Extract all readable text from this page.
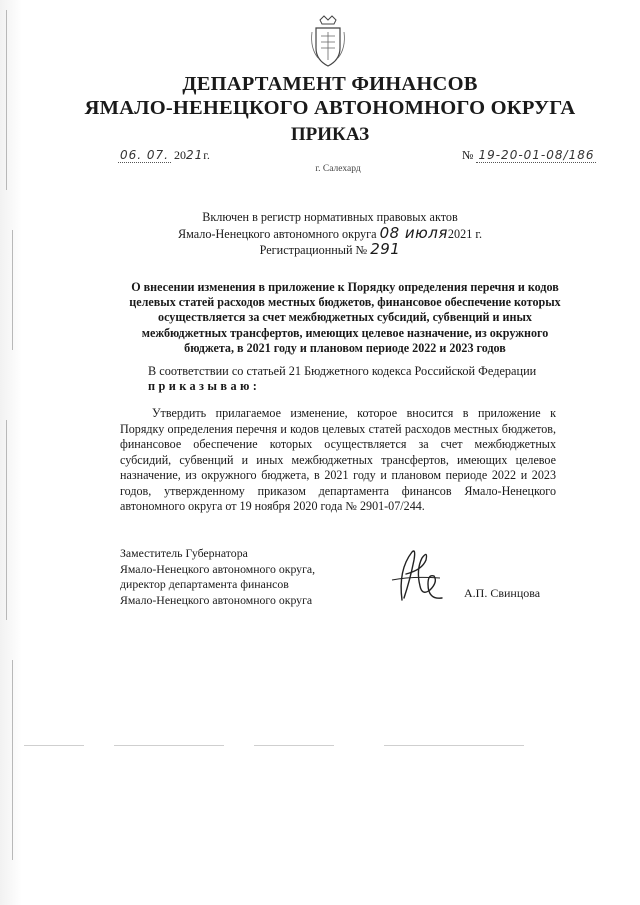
ДЕПАРТАМЕНТ ФИНАНСОВ
ЯМАЛО-НЕНЕЦКОГО АВТОНОМНОГО ОКРУГА
ПРИКАЗ
06. 07. 2021г.	№ 19-20-01-08/186
г. Салехард
Включен в регистр нормативных правовых актов
Ямало-Ненецкого автономного округа 08 июля2021 г.
Регистрационный № 291
О внесении изменения в приложение к Порядку определения перечня и кодов целевых статей расходов местных бюджетов, финансовое обеспечение которых осуществляется за счет межбюджетных субсидий, субвенций и иных межбюджетных трансфертов, имеющих целевое назначение, из окружного бюджета, в 2021 году и плановом периоде 2022 и 2023 годов
В соответствии со статьей 21 Бюджетного кодекса Российской Федерации
приказываю:
Утвердить прилагаемое изменение, которое вносится в приложение к Порядку определения перечня и кодов целевых статей расходов местных бюджетов, финансовое обеспечение которых осуществляется за счет межбюджетных субсидий, субвенций и иных межбюджетных трансфертов, имеющих целевое назначение, из окружного бюджета, в 2021 году и плановом периоде 2022 и 2023 годов, утвержденному приказом департамента финансов Ямало-Ненецкого автономного округа от 19 ноября 2020 года № 2901-07/244.
Заместитель Губернатора
Ямало-Ненецкого автономного округа,
директор департамента финансов
Ямало-Ненецкого автономного округа	А.П. Свинцова
